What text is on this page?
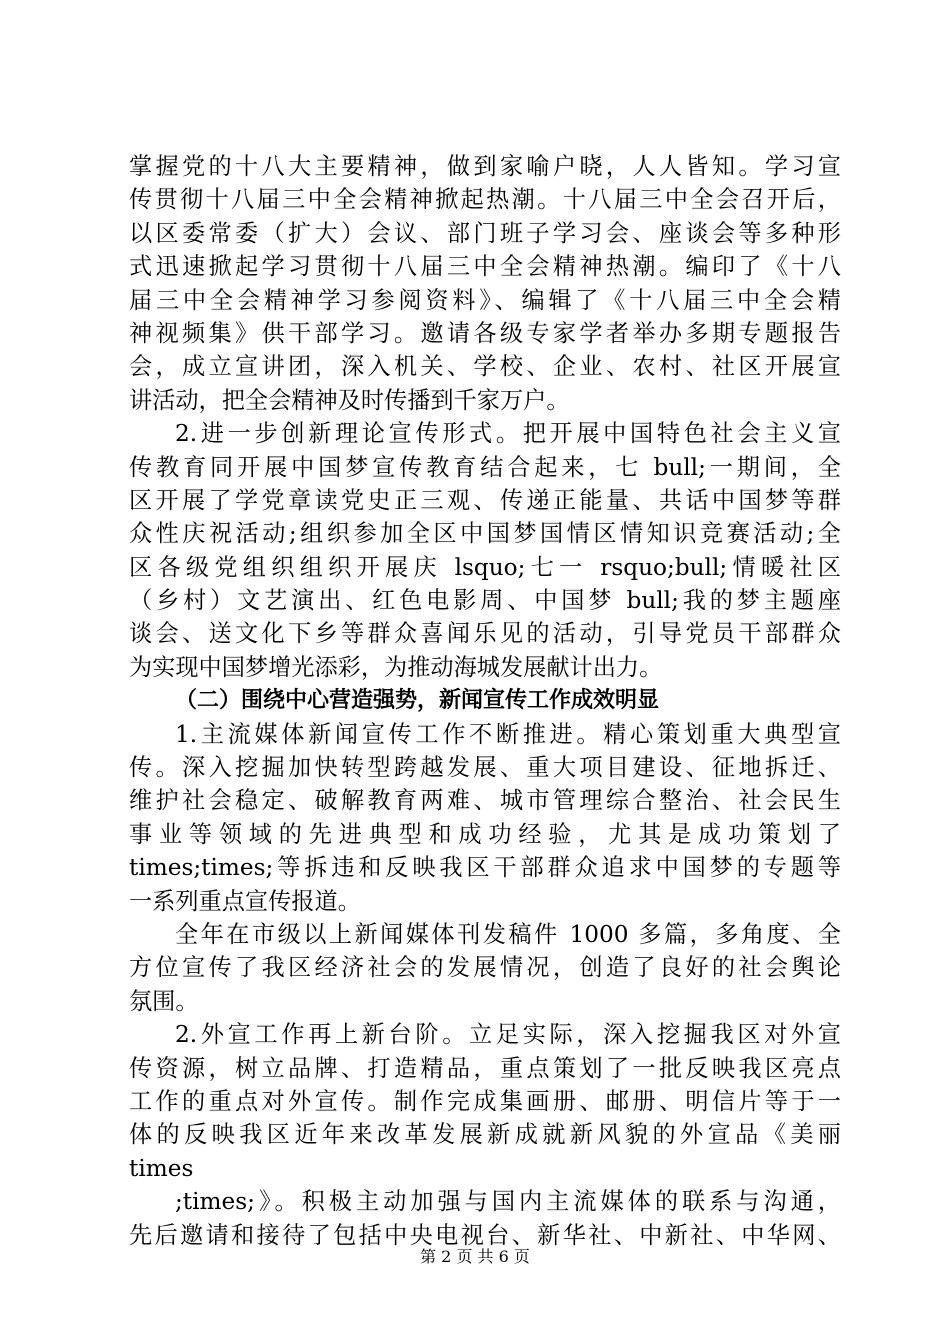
掌握党的十八大主要精神，做到家喻户晓，人人皆知。学习宣
传贯彻十八届三中全会精神掀起热潮。十八届三中全会召开后，
以区委常委（扩大）会议、部门班子学习会、座谈会等多种形
式迅速掀起学习贯彻十八届三中全会精神热潮。编印了《十八
届三中全会精神学习参阅资料》、编辑了《十八届三中全会精
神视频集》供干部学习。邀请各级专家学者举办多期专题报告
会，成立宣讲团，深入机关、学校、企业、农村、社区开展宣
讲活动，把全会精神及时传播到千家万户。
2.进一步创新理论宣传形式。把开展中国特色社会主义宣
传教育同开展中国梦宣传教育结合起来，七 bull;一期间，全
区开展了学党章读党史正三观、传递正能量、共话中国梦等群
众性庆祝活动;组织参加全区中国梦国情区情知识竞赛活动;全
区各级党组织组织开展庆 lsquo;七一 rsquo;bull;情暖社区
（乡村）文艺演出、红色电影周、中国梦 bull;我的梦主题座
谈会、送文化下乡等群众喜闻乐见的活动，引导党员干部群众
为实现中国梦增光添彩，为推动海城发展献计出力。
（二）围绕中心营造强势，新闻宣传工作成效明显
1.主流媒体新闻宣传工作不断推进。精心策划重大典型宣
传。深入挖掘加快转型跨越发展、重大项目建设、征地拆迁、
维护社会稳定、破解教育两难、城市管理综合整治、社会民生
事业等领域的先进典型和成功经验，尤其是成功策划了
times;times;等拆违和反映我区干部群众追求中国梦的专题等
一系列重点宣传报道。
全年在市级以上新闻媒体刊发稿件 1000 多篇，多角度、全
方位宣传了我区经济社会的发展情况，创造了良好的社会舆论
氛围。
2.外宣工作再上新台阶。立足实际，深入挖掘我区对外宣
传资源，树立品牌、打造精品，重点策划了一批反映我区亮点
工作的重点对外宣传。制作完成集画册、邮册、明信片等于一
体的反映我区近年来改革发展新成就新风貌的外宣品《美丽
times
;times;》。积极主动加强与国内主流媒体的联系与沟通，
先后邀请和接待了包括中央电视台、新华社、中新社、中华网、
第 2 页 共 6 页
